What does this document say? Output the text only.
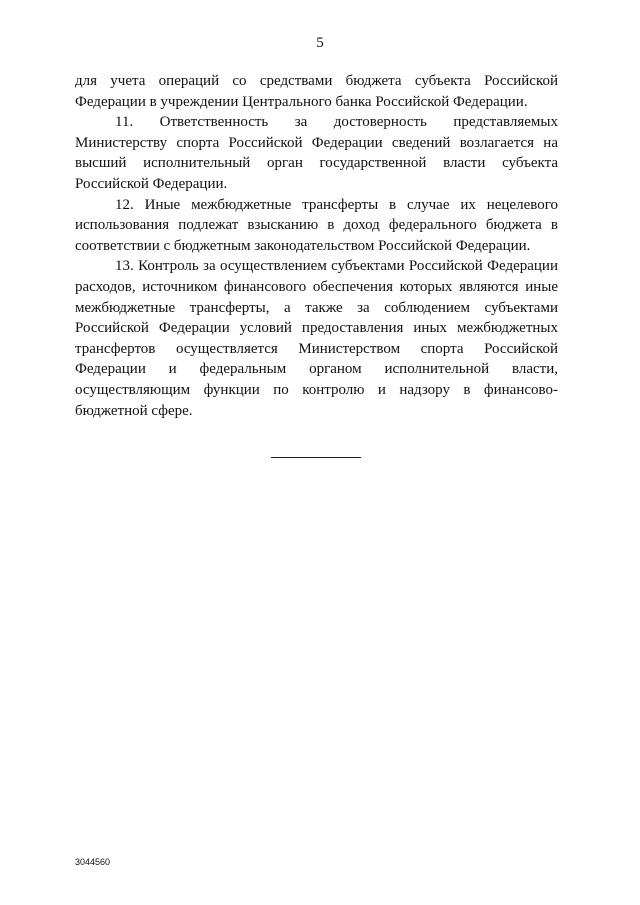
5

для учета операций со средствами бюджета субъекта Российской Федерации в учреждении Центрального банка Российской Федерации.

11. Ответственность за достоверность представляемых Министерству спорта Российской Федерации сведений возлагается на высший исполнительный орган государственной власти субъекта Российской Федерации.

12. Иные межбюджетные трансферты в случае их нецелевого использования подлежат взысканию в доход федерального бюджета в соответствии с бюджетным законодательством Российской Федерации.

13. Контроль за осуществлением субъектами Российской Федерации расходов, источником финансового обеспечения которых являются иные межбюджетные трансферты, а также за соблюдением субъектами Российской Федерации условий предоставления иных межбюджетных трансфертов осуществляется Министерством спорта Российской Федерации и федеральным органом исполнительной власти, осуществляющим функции по контролю и надзору в финансово-бюджетной сфере.

3044560
